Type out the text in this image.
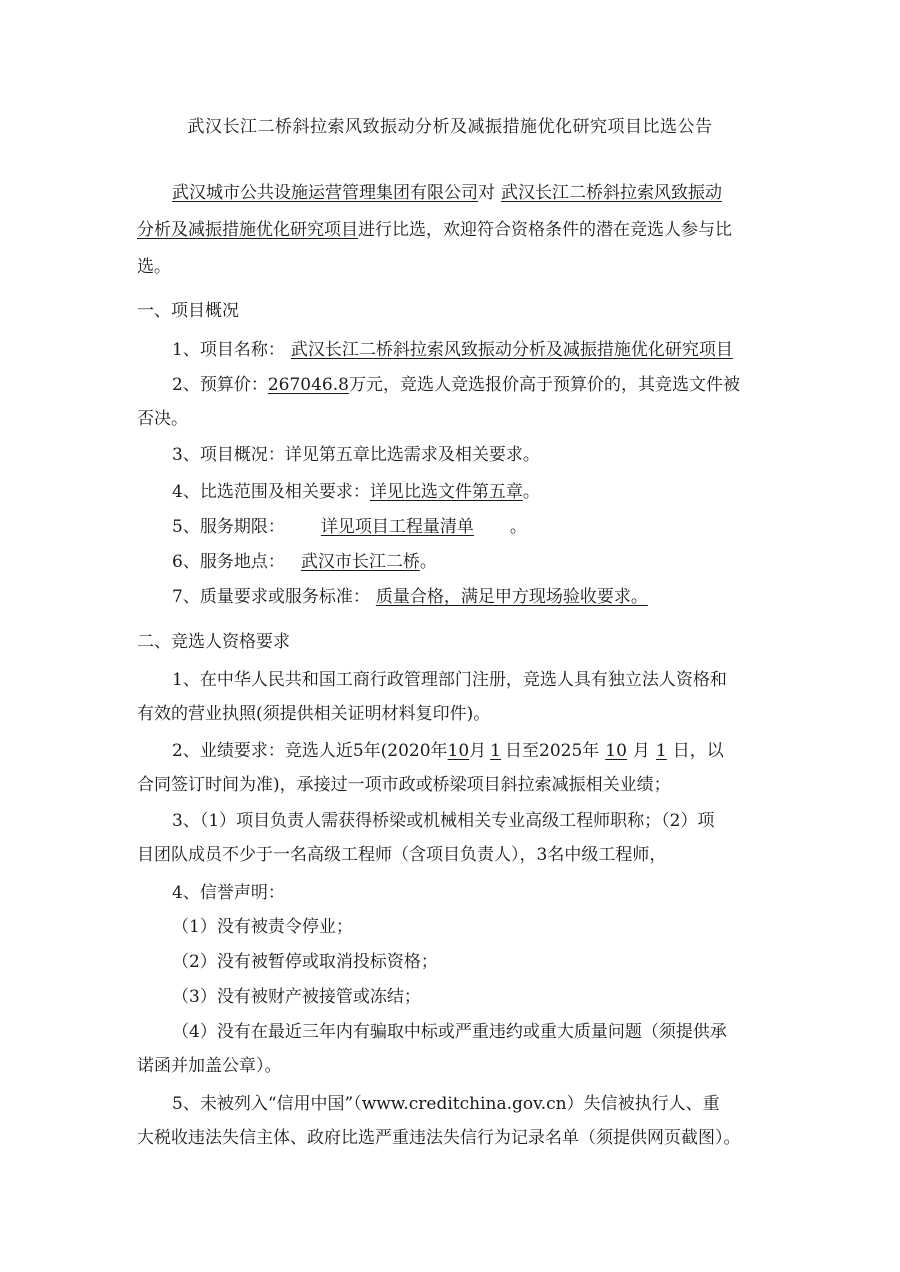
武汉长江二桥斜拉索风致振动分析及减振措施优化研究项目比选公告
武汉城市公共设施运营管理集团有限公司对 武汉长江二桥斜拉索风致振动
分析及减振措施优化研究项目进行比选，欢迎符合资格条件的潜在竞选人参与比
选。
一、项目概况
1、项目名称： 武汉长江二桥斜拉索风致振动分析及减振措施优化研究项目
2、预算价：267046.8万元，竞选人竞选报价高于预算价的，其竞选文件被
否决。
3、项目概况：详见第五章比选需求及相关要求。
4、比选范围及相关要求：详见比选文件第五章。
5、服务期限： 详见项目工程量清单 。
6、服务地点： 武汉市长江二桥。
7、质量要求或服务标准： 质量合格，满足甲方现场验收要求。
二、竞选人资格要求
1、在中华人民共和国工商行政管理部门注册，竞选人具有独立法人资格和
有效的营业执照(须提供相关证明材料复印件)。
2、业绩要求：竞选人近5年(2020年10月 1 日至2025年 10 月 1 日，以
合同签订时间为准)，承接过一项市政或桥梁项目斜拉索减振相关业绩；
3、（1）项目负责人需获得桥梁或机械相关专业高级工程师职称；（2）项
目团队成员不少于一名高级工程师（含项目负责人），3名中级工程师，
4、信誉声明：
（1）没有被责令停业；
（2）没有被暂停或取消投标资格；
（3）没有被财产被接管或冻结；
（4）没有在最近三年内有骗取中标或严重违约或重大质量问题（须提供承
诺函并加盖公章）。
5、未被列入“信用中国”（www.creditchina.gov.cn）失信被执行人、重
大税收违法失信主体、政府比选严重违法失信行为记录名单（须提供网页截图）。
